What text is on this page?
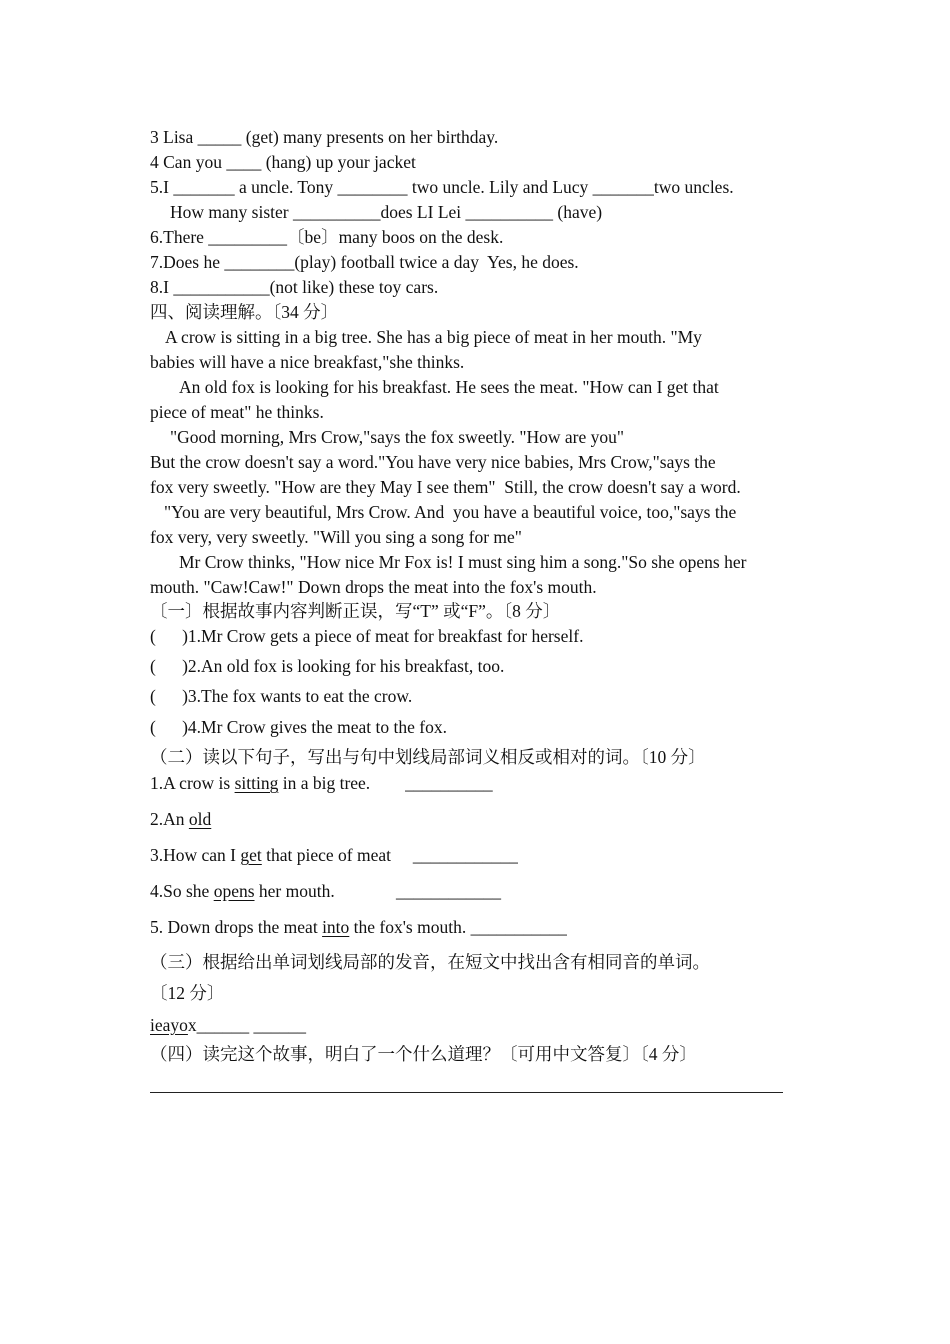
3 Lisa _____ (get) many presents on her birthday.
4 Can you ____ (hang) up your jacket
5.I _______ a uncle. Tony ________ two uncle. Lily and Lucy _______two uncles.
How many sister __________does LI Lei __________ (have)
6.There _________〔be〕many boos on the desk.
7.Does he ________(play) football twice a day  Yes, he does.
8.I ___________(not like) these toy cars.
四、阅读理解。〔34 分〕
A crow is sitting in a big tree. She has a big piece of meat in her mouth. "My
babies will have a nice breakfast,"she thinks.
An old fox is looking for his breakfast. He sees the meat. "How can I get that
piece of meat" he thinks.
"Good morning, Mrs Crow,"says the fox sweetly. "How are you"
But the crow doesn't say a word."You have very nice babies, Mrs Crow,"says the
fox very sweetly. "How are they May I see them"  Still, the crow doesn't say a word.
"You are very beautiful, Mrs Crow. And  you have a beautiful voice, too,"says the
fox very, very sweetly. "Will you sing a song for me"
Mr Crow thinks, "How nice Mr Fox is! I must sing him a song."So she opens her
mouth. "Caw!Caw!" Down drops the meat into the fox's mouth.
〔一〕根据故事内容判断正误，写“T” 或“F”。〔8 分〕
(      )1.Mr Crow gets a piece of meat for breakfast for herself.
(      )2.An old fox is looking for his breakfast, too.
(      )3.The fox wants to eat the crow.
(      )4.Mr Crow gives the meat to the fox.
（二）读以下句子，写出与句中划线局部词义相反或相对的词。〔10 分〕
1.A crow is sitting in a big tree.        __________
2.An old
3.How can I get that piece of meat     ____________
4.So she opens her mouth.              ____________
5. Down drops the meat into the fox's mouth. ___________
（三）根据给出单词划线局部的发音，在短文中找出含有相同音的单词。
〔12 分〕
ieayox______ ______
（四）读完这个故事，明白了一个什么道理？〔可用中文答复〕〔4 分〕
